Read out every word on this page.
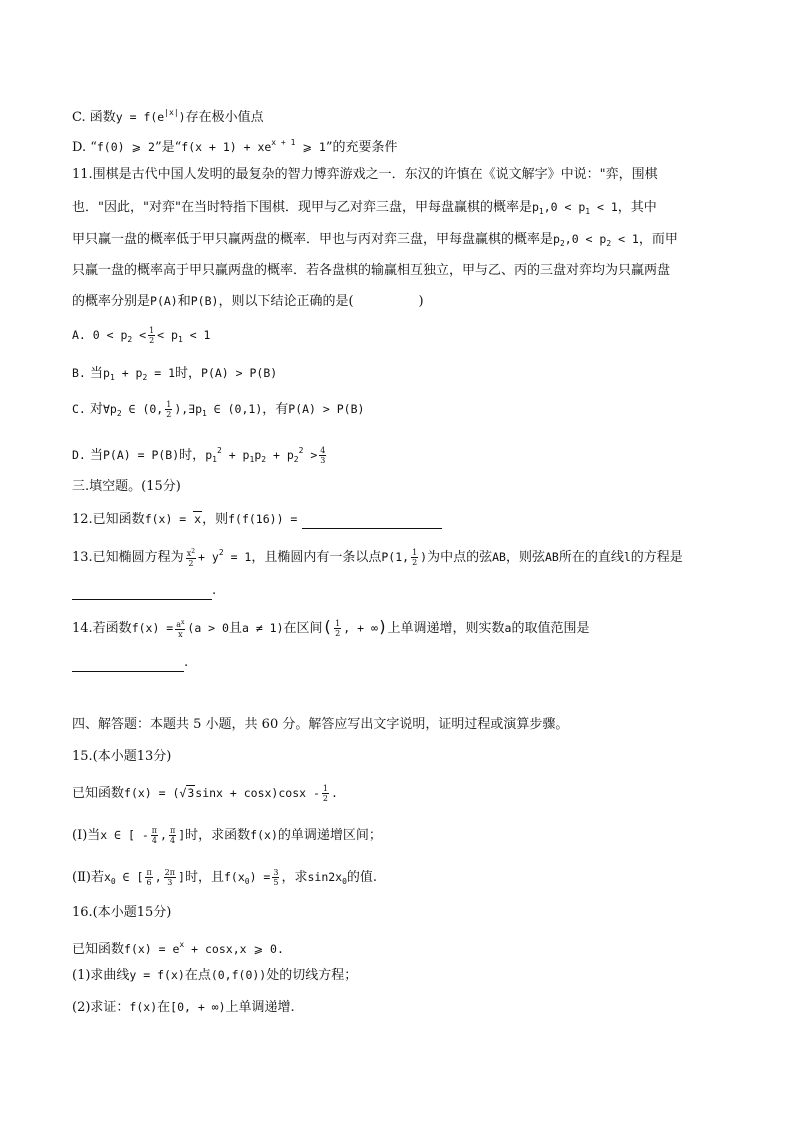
C. 函数$y = f(e^{|x|})$存在极小值点
D. “f(0) ⩾ 2”是“$f(x + 1) + xe^{x + 1}$ ⩾ 1”的充要条件
11.围棋是古代中国人发明的最复杂的智力博弈游戏之一．东汉的许慎在《说文解字》中说："弈，围棋
也．"因此，"对弈"在当时特指下围棋．现甲与乙对弈三盘，甲每盘赢棋的概率是$p_1,0 < p_1 < 1$，其中
甲只赢一盘的概率低于甲只赢两盘的概率．甲也与丙对弈三盘，甲每盘赢棋的概率是$p_2,0 < p_2 < 1$，而甲
只赢一盘的概率高于甲只赢两盘的概率．若各盘棋的输赢相互独立，甲与乙、丙的三盘对弈均为只赢两盘
的概率分别是P(A)和P(B)，则以下结论正确的是(　　　　　)
A. $0 < p_2 < \frac{1}{2} < p_1 < 1$
B. 当$p_1 + p_2 = 1$时，P(A) > P(B)
C. 对$\forall p_2$ ∈ (0, $\frac{1}{2}$ )$,\exists p_1$ ∈ (0,1)，有P(A) > P(B)
D. 当P(A) = P(B)时，$p_1^2 + p_1p_2 + p_2^2 > \frac{4}{3}$
三.填空题。(15分)
12.已知函数f(x) = x，则f(f(16)) =
13.已知椭圆方程为 $\frac{x^2}{2} + y^2 = 1$，且椭圆内有一条以点P(1, $\frac{1}{2}$ )为中点的弦AB，则弦AB所在的直线l的方程是
.
14.若函数$f(x) = \frac{a^x}{x} (a > 0$且a ≠ 1)在区间( $\frac{1}{2}$ , + ∞)上单调递增，则实数a的取值范围是
.
四、解答题：本题共 5 小题，共 60 分。解答应写出文字说明，证明过程或演算步骤。
15.(本小题13分)
已知函数$f(x) = (√3\sin x + \cos x)\cos x - \frac{1}{2}$ .
(Ⅰ)当x ∈ [ - $\frac{\pi}{4}$ , $\frac{\pi}{4}$ ]时，求函数f(x)的单调递增区间；
(Ⅱ)若$x_0$ ∈ [ $\frac{\pi}{6}$ , $\frac{2\pi}{3}$ ]时，且$f(x_0) = \frac{3}{5}$ ，求$\sin 2x_0$的值.
16.(本小题15分)
已知函数$f(x) = e^x + \cos x,x$ ⩾ 0.
(1)求曲线y = f(x)在点(0,f(0))处的切线方程；
(2)求证：f(x)在[0, + ∞)上单调递增.
